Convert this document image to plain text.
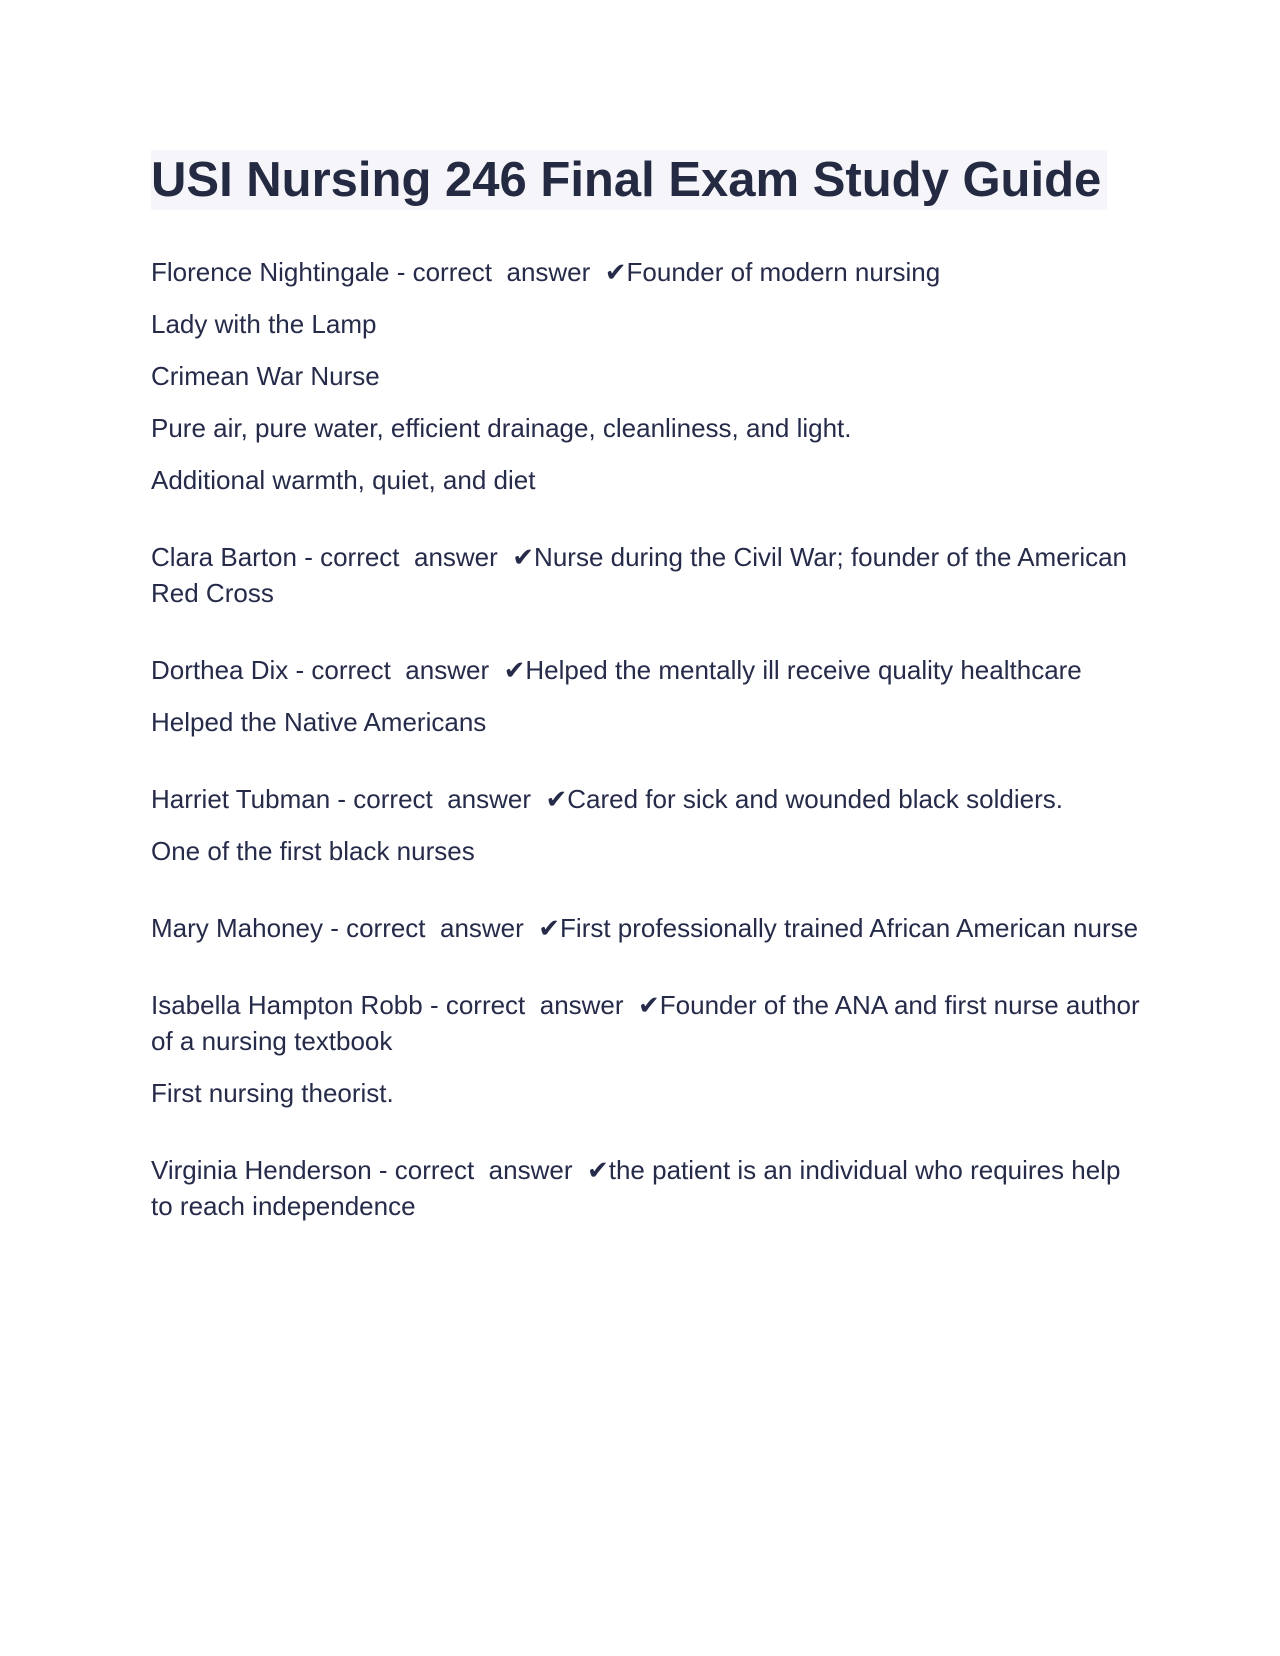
USI Nursing 246 Final Exam Study Guide

Florence Nightingale - correct  answer  ✔Founder of modern nursing

Lady with the Lamp

Crimean War Nurse

Pure air, pure water, efficient drainage, cleanliness, and light.

Additional warmth, quiet, and diet

Clara Barton - correct  answer  ✔Nurse during the Civil War; founder of the American Red Cross

Dorthea Dix - correct  answer  ✔Helped the mentally ill receive quality healthcare

Helped the Native Americans

Harriet Tubman - correct  answer  ✔Cared for sick and wounded black soldiers.

One of the first black nurses

Mary Mahoney - correct  answer  ✔First professionally trained African American nurse

Isabella Hampton Robb - correct  answer  ✔Founder of the ANA and first nurse author of a nursing textbook

First nursing theorist.

Virginia Henderson - correct  answer  ✔the patient is an individual who requires help to reach independence
